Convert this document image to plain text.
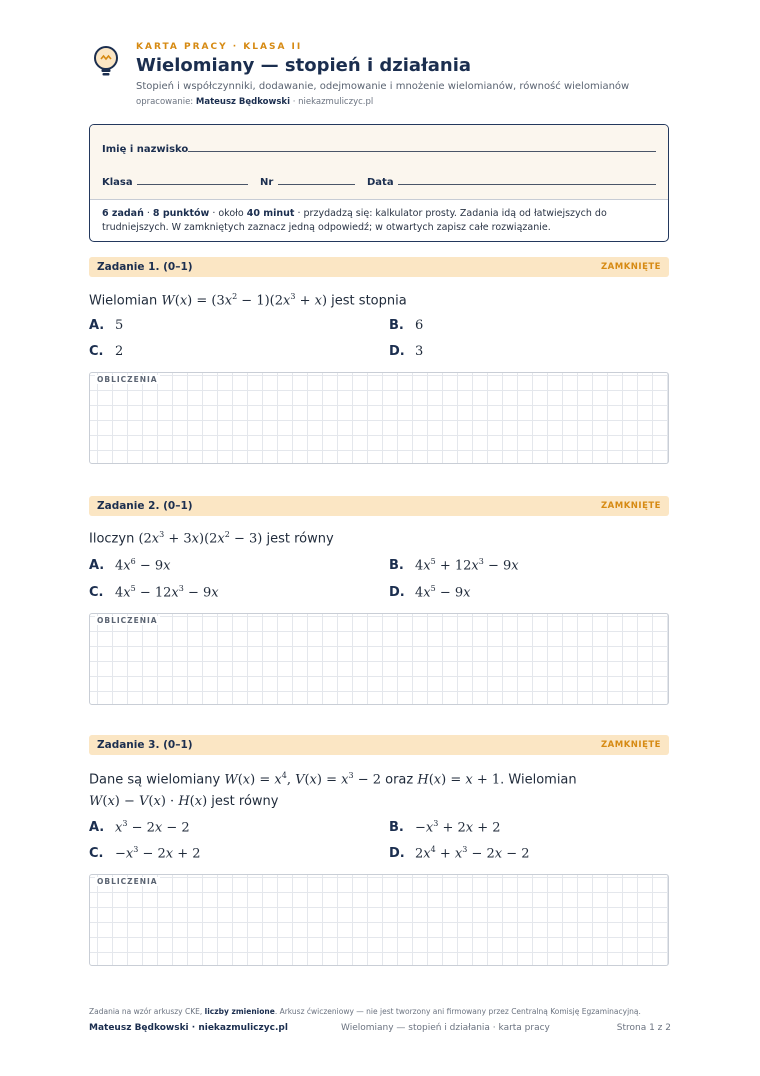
KARTA PRACY · KLASA II
Wielomiany — stopień i działania
Stopień i współczynniki, dodawanie, odejmowanie i mnożenie wielomianów, równość wielomianów
opracowanie: Mateusz Będkowski · niekazmuliczyc.pl
Imię i nazwisko
Klasa	Nr	Data
6 zadań · 8 punktów · około 40 minut · przydadzą się: kalkulator prosty. Zadania idą od łatwiejszych do trudniejszych. W zamkniętych zaznacz jedną odpowiedź; w otwartych zapisz całe rozwiązanie.
Zadanie 1. (0–1)	ZAMKNIĘTE
Wielomian $W(x) = (3x^2 - 1)(2x^3 + x)$ jest stopnia
A. 5	B. 6
C. 2	D. 3
OBLICZENIA
Zadanie 2. (0–1)	ZAMKNIĘTE
Iloczyn $(2x^3 + 3x)(2x^2 - 3)$ jest równy
A. $4x^6 - 9x$	B. $4x^5 + 12x^3 - 9x$
C. $4x^5 - 12x^3 - 9x$	D. $4x^5 - 9x$
OBLICZENIA
Zadanie 3. (0–1)	ZAMKNIĘTE
Dane są wielomiany $W(x) = x^4$, $V(x) = x^3 - 2$ oraz H(x) = x + 1. Wielomian
W(x) − V(x) · H(x) jest równy
A. $x^3 - 2x - 2$	B. $-x^3 + 2x + 2$
C. $-x^3 - 2x + 2$	D. $2x^4 + x^3 - 2x - 2$
OBLICZENIA
Zadania na wzór arkuszy CKE, liczby zmienione. Arkusz ćwiczeniowy — nie jest tworzony ani firmowany przez Centralną Komisję Egzaminacyjną.
Mateusz Będkowski · niekazmuliczyc.pl	Wielomiany — stopień i działania · karta pracy	Strona 1 z 2
